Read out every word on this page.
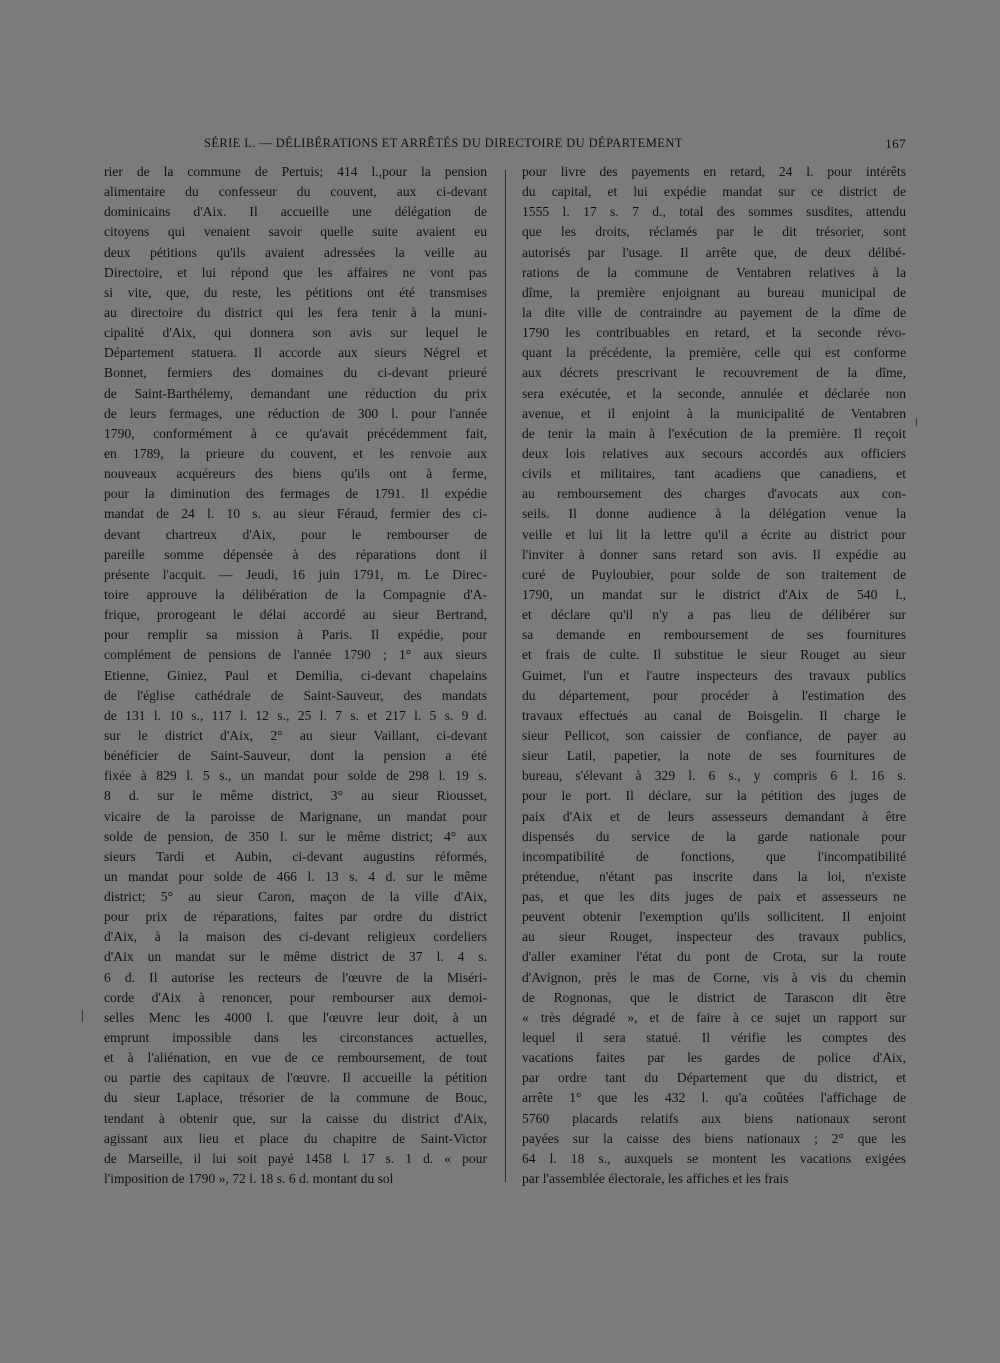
SÉRIE L. — DÉLIBÉRATIONS ET ARRÊTÉS DU DIRECTOIRE DU DÉPARTEMENT	167
rier de la commune de Pertuis; 414 l.,pour la pension
alimentaire du confesseur du couvent, aux ci-devant
dominicains d'Aix. Il accueille une délégation de
citoyens qui venaient savoir quelle suite avaient eu
deux pétitions qu'ils avaient adressées la veille au
Directoire, et lui répond que les affaires ne vont pas
si vite, que, du reste, les pétitions ont été transmises
au directoire du district qui les fera tenir à la muni-
cipalité d'Aix, qui donnera son avis sur lequel le
Département statuera. Il accorde aux sieurs Négrel et
Bonnet, fermiers des domaines du ci-devant prieuré
de Saint-Barthélemy, demandant une réduction du prix
de leurs fermages, une réduction de 300 l. pour l'année
1790, conformément à ce qu'avait précédemment fait,
en 1789, la prieure du couvent, et les renvoie aux
nouveaux acquéreurs des biens qu'ils ont à ferme,
pour la diminution des fermages de 1791. Il expédie
mandat de 24 l. 10 s. au sieur Féraud, fermier des ci-
devant chartreux d'Aix, pour le rembourser de
pareille somme dépensée à des réparations dont il
présente l'acquit. — Jeudi, 16 juin 1791, m. Le Direc-
toire approuve la délibération de la Compagnie d'A-
frique, prorogeant le délai accordé au sieur Bertrand,
pour remplir sa mission à Paris. Il expédie, pour
complément de pensions de l'année 1790 ; 1° aux sieurs
Etienne, Giniez, Paul et Demilia, ci-devant chapelains
de l'église cathédrale de Saint-Sauveur, des mandats
de 131 l. 10 s., 117 l. 12 s., 25 l. 7 s. et 217 l. 5 s. 9 d.
sur le district d'Aix, 2° au sieur Vaillant, ci-devant
bénéficier de Saint-Sauveur, dont la pension a été
fixée à 829 l. 5 s., un mandat pour solde de 298 l. 19 s.
8 d. sur le même district, 3° au sieur Riousset,
vicaire de la paroisse de Marignane, un mandat pour
solde de pension, de 350 l. sur le même district; 4° aux
sieurs Tardi et Aubin, ci-devant augustins réformés,
un mandat pour solde de 466 l. 13 s. 4 d. sur le même
district; 5° au sieur Caron, maçon de la ville d'Aix,
pour prix de réparations, faites par ordre du district
d'Aix, à la maison des ci-devant religieux cordeliers
d'Aix un mandat sur le même district de 37 l. 4 s.
6 d. Il autorise les recteurs de l'œuvre de la Miséri-
corde d'Aix à renoncer, pour rembourser aux demoi-
selles Menc les 4000 l. que l'œuvre leur doit, à un
emprunt impossible dans les circonstances actuelles,
et à l'aliénation, en vue de ce remboursement, de tout
ou partie des capitaux de l'œuvre. Il accueille la pétition
du sieur Laplace, trésorier de la commune de Bouc,
tendant à obtenir que, sur la caisse du district d'Aix,
agissant aux lieu et place du chapitre de Saint-Victor
de Marseille, il lui soit payé 1458 l. 17 s. 1 d. « pour
l'imposition de 1790 », 72 l. 18 s. 6 d. montant du sol
pour livre des payements en retard, 24 l. pour intérêts
du capital, et lui expédie mandat sur ce district de
1555 l. 17 s. 7 d., total des sommes susdites, attendu
que les droits, réclamés par le dit trésorier, sont
autorisés par l'usage. Il arrête que, de deux délibé-
rations de la commune de Ventabren relatives à la
dîme, la première enjoignant au bureau municipal de
la dite ville de contraindre au payement de la dîme de
1790 les contribuables en retard, et la seconde révo-
quant la précédente, la première, celle qui est conforme
aux décrets prescrivant le recouvrement de la dîme,
sera exécutée, et la seconde, annulée et déclarée non
avenue, et il enjoint à la municipalité de Ventabren
de tenir la main à l'exécution de la première. Il reçoit
deux lois relatives aux secours accordés aux officiers
civils et militaires, tant acadiens que canadiens, et
au remboursement des charges d'avocats aux con-
seils. Il donne audience à la délégation venue la
veille et lui lit la lettre qu'il a écrite au district pour
l'inviter à donner sans retard son avis. Il expédie au
curé de Puyloubier, pour solde de son traitement de
1790, un mandat sur le district d'Aix de 540 l.,
et déclare qu'il n'y a pas lieu de délibérer sur
sa demande en remboursement de ses fournitures
et frais de culte. Il substitue le sieur Rouget au sieur
Guimet, l'un et l'autre inspecteurs des travaux publics
du département, pour procéder à l'estimation des
travaux effectués au canal de Boisgelin. Il charge le
sieur Pellicot, son caissier de confiance, de payer au
sieur Latil, papetier, la note de ses fournitures de
bureau, s'élevant à 329 l. 6 s., y compris 6 l. 16 s.
pour le port. Il déclare, sur la pétition des juges de
paix d'Aix et de leurs assesseurs demandant à être
dispensés du service de la garde nationale pour
incompatibilité de fonctions, que l'incompatibilité
prétendue, n'étant pas inscrite dans la loi, n'existe
pas, et que les dits juges de paix et assesseurs ne
peuvent obtenir l'exemption qu'ils sollicitent. Il enjoint
au sieur Rouget, inspecteur des travaux publics,
d'aller examiner l'état du pont de Crota, sur la route
d'Avignon, près le mas de Corne, vis à vis du chemin
de Rognonas, que le district de Tarascon dit être
« très dégradé », et de faire à ce sujet un rapport sur
lequel il sera statué. Il vérifie les comptes des
vacations faites par les gardes de police d'Aix,
par ordre tant du Département que du district, et
arrête 1° que les 432 l. qu'a coûtées l'affichage de
5760 placards relatifs aux biens nationaux seront
payées sur la caisse des biens nationaux ; 2° que les
64 l. 18 s., auxquels se montent les vacations exigées
par l'assemblée électorale, les affiches et les frais
